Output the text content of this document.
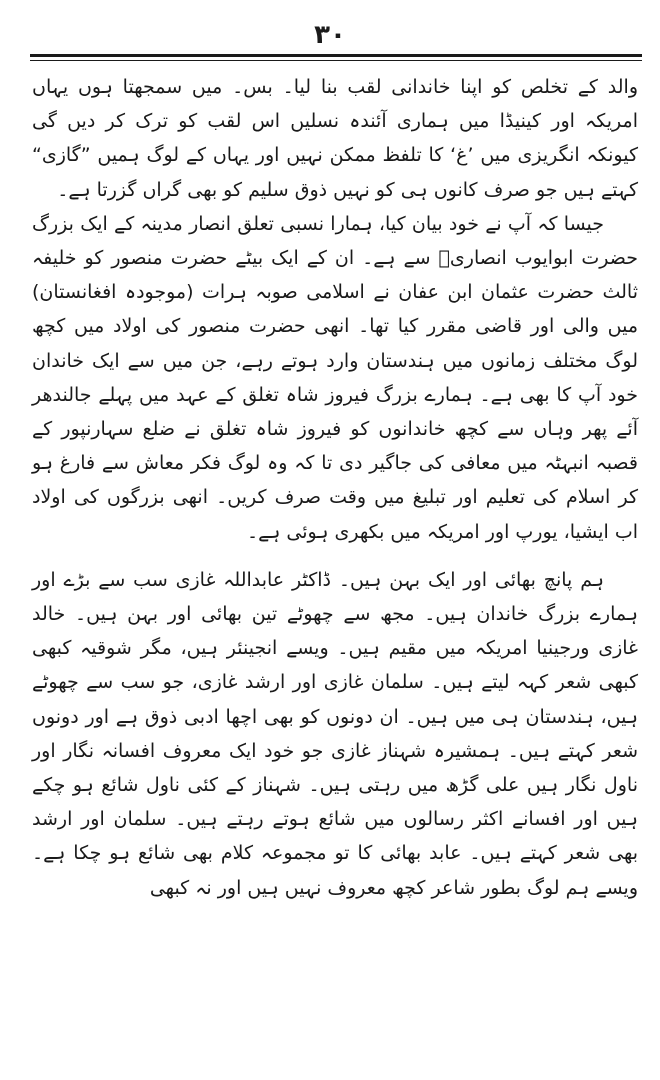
۳۰

والد کے تخلص کو اپنا خاندانی لقب بنا لیا۔ بس۔ میں سمجھتا ہوں یہاں امریکہ اور کینیڈا میں ہماری آئندہ نسلیں اس لقب کو ترک کر دیں گی کیونکہ انگریزی میں ’غ‘ کا تلفظ ممکن نہیں اور یہاں کے لوگ ہمیں ”گازی“ کہتے ہیں جو صرف کانوں ہی کو نہیں ذوق سلیم کو بھی گراں گزرتا ہے۔

جیسا کہ آپ نے خود بیان کیا، ہمارا نسبی تعلق انصار مدینہ کے ایک بزرگ حضرت ابوایوب انصاریؓ سے ہے۔ ان کے ایک بیٹے حضرت منصور کو خلیفہ ثالث حضرت عثمان ابن عفان نے اسلامی صوبہ ہرات (موجودہ افغانستان) میں والی اور قاضی مقرر کیا تھا۔ انھی حضرت منصور کی اولاد میں کچھ لوگ مختلف زمانوں میں ہندستان وارد ہوتے رہے، جن میں سے ایک خاندان خود آپ کا بھی ہے۔ ہمارے بزرگ فیروز شاہ تغلق کے عہد میں پہلے جالندھر آئے پھر وہاں سے کچھ خاندانوں کو فیروز شاہ تغلق نے ضلع سہارنپور کے قصبہ انبہٹہ میں معافی کی جاگیر دی تا کہ وہ لوگ فکر معاش سے فارغ ہو کر اسلام کی تعلیم اور تبلیغ میں وقت صرف کریں۔ انھی بزرگوں کی اولاد اب ایشیا، یورپ اور امریکہ میں بکھری ہوئی ہے۔

ہم پانچ بھائی اور ایک بہن ہیں۔ ڈاکٹر عابداللہ غازی سب سے بڑے اور ہمارے بزرگ خاندان ہیں۔ مجھ سے چھوٹے تین بھائی اور بہن ہیں۔ خالد غازی ورجینیا امریکہ میں مقیم ہیں۔ ویسے انجینئر ہیں، مگر شوقیہ کبھی کبھی شعر کہہ لیتے ہیں۔ سلمان غازی اور ارشد غازی، جو سب سے چھوٹے ہیں، ہندستان ہی میں ہیں۔ ان دونوں کو بھی اچھا ادبی ذوق ہے اور دونوں شعر کہتے ہیں۔ ہمشیرہ شہناز غازی جو خود ایک معروف افسانہ نگار اور ناول نگار ہیں علی گڑھ میں رہتی ہیں۔ شہناز کے کئی ناول شائع ہو چکے ہیں اور افسانے اکثر رسالوں میں شائع ہوتے رہتے ہیں۔ سلمان اور ارشد بھی شعر کہتے ہیں۔ عابد بھائی کا تو مجموعہ کلام بھی شائع ہو چکا ہے۔ ویسے ہم لوگ بطور شاعر کچھ معروف نہیں ہیں اور نہ کبھی
